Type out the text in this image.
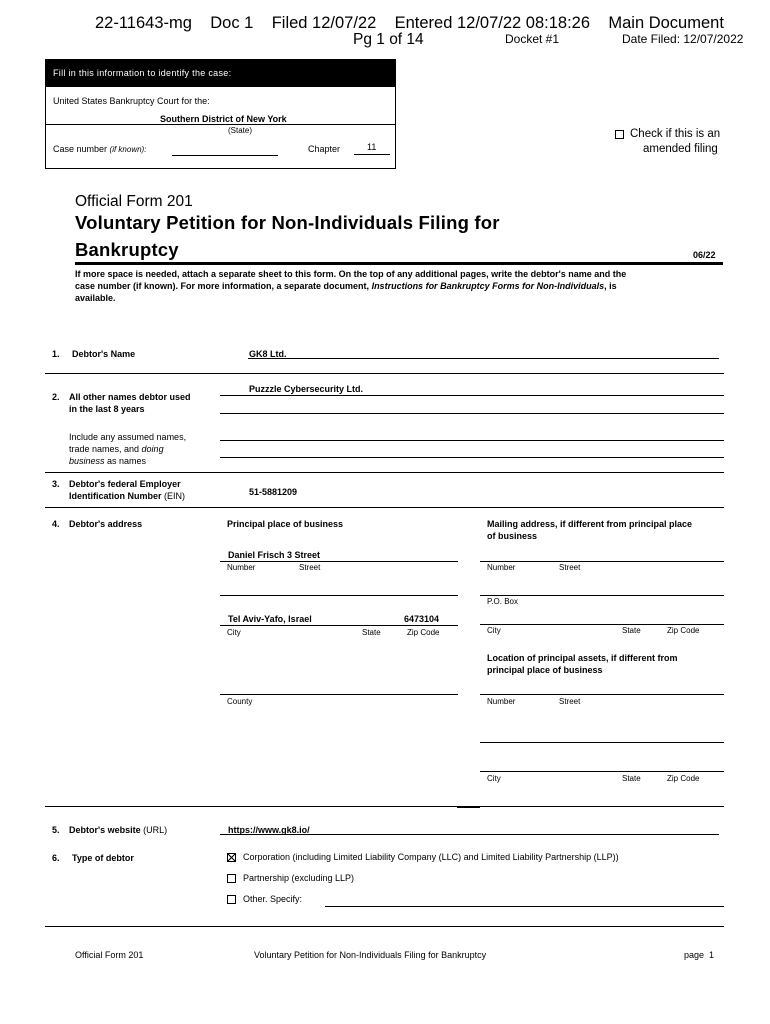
22-11643-mg    Doc 1    Filed 12/07/22    Entered 12/07/22 08:18:26    Main Document
Pg 1 of 14	Docket #1	Date Filed: 12/07/2022
Fill in this information to identify the case:
United States Bankruptcy Court for the:
Southern District of New York
(State)
Case number (if known):	Chapter	11
Check if this is an
amended filing
Official Form 201
Voluntary Petition for Non-Individuals Filing for
Bankruptcy	06/22
If more space is needed, attach a separate sheet to this form. On the top of any additional pages, write the debtor's name and the
case number (if known). For more information, a separate document, Instructions for Bankruptcy Forms for Non-Individuals, is
available.
1. Debtor's Name	GK8 Ltd.
2. All other names debtor used
in the last 8 years
Include any assumed names,
trade names, and doing
business as names
Puzzzle Cybersecurity Ltd.
3. Debtor's federal Employer
Identification Number (EIN)	51-5881209
4. Debtor's address	Principal place of business	Mailing address, if different from principal place
of business
Daniel Frisch 3 Street
Number	Street	Number	Street
P.O. Box
Tel Aviv-Yafo, Israel	6473104
City	State	Zip Code	City	State	Zip Code
Location of principal assets, if different from
principal place of business
County	Number	Street
City	State	Zip Code
5. Debtor's website (URL)	https://www.gk8.io/
6. Type of debtor	Corporation (including Limited Liability Company (LLC) and Limited Liability Partnership (LLP))
Partnership (excluding LLP)
Other. Specify:
Official Form 201	Voluntary Petition for Non-Individuals Filing for Bankruptcy	page 1
